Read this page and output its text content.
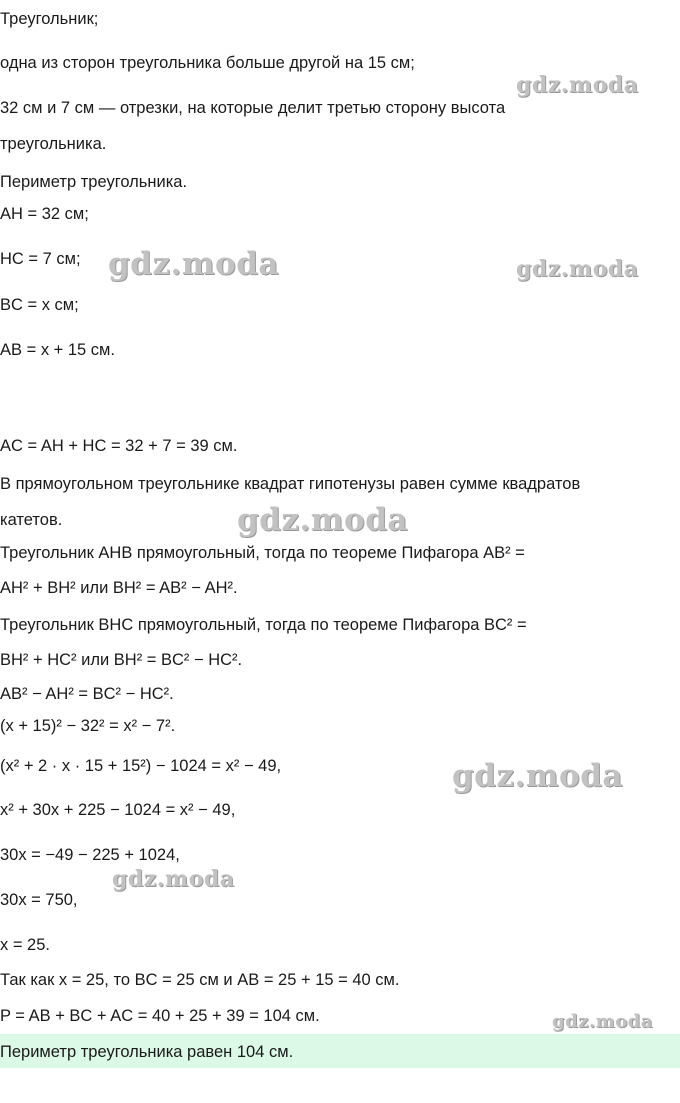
Треугольник;
одна из сторон треугольника больше другой на 15 см;
32 см и 7 см — отрезки, на которые делит третью сторону высота
треугольника.
Периметр треугольника.
AH = 32 см;
HC = 7 см;
BC = x см;
AB = x + 15 см.
AC = AH + HC = 32 + 7 = 39 см.
В прямоугольном треугольнике квадрат гипотенузы равен сумме квадратов
катетов.
Треугольник AHB прямоугольный, тогда по теореме Пифагора AB² =
AH² + BH² или BH² = AB² − AH².
Треугольник BHC прямоугольный, тогда по теореме Пифагора BC² =
BH² + HC² или BH² = BC² − HC².
AB² − AH² = BC² − HC².
(x + 15)² − 32² = x² − 7².
(x² + 2 · x · 15 + 15²) − 1024 = x² − 49,
x² + 30x + 225 − 1024 = x² − 49,
30x = −49 − 225 + 1024,
30x = 750,
x = 25.
Так как x = 25, то BC = 25 см и AB = 25 + 15 = 40 см.
P = AB + BC + AC = 40 + 25 + 39 = 104 см.
Периметр треугольника равен 104 см.
gdz.moda
gdz.moda	gdz.moda
gdz.moda
gdz.moda
gdz.moda
gdz.moda
